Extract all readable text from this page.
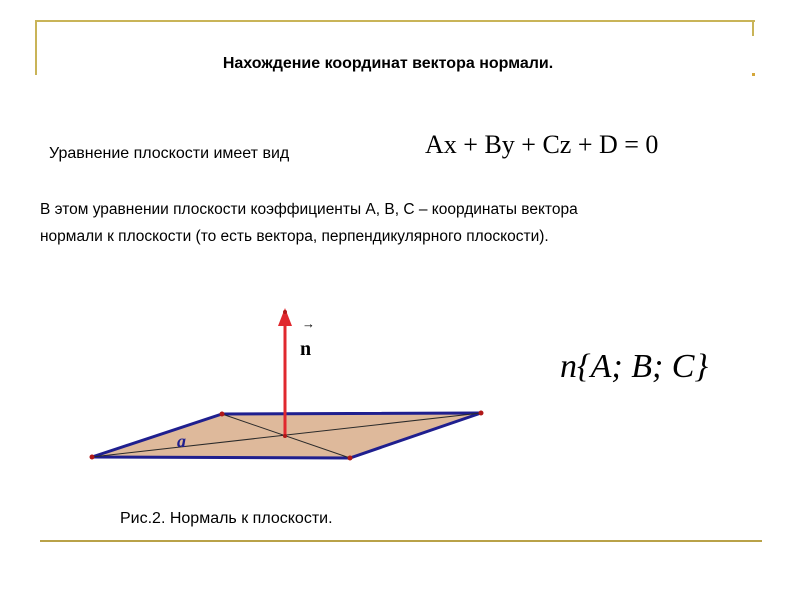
Нахождение координат вектора нормали.
Уравнение плоскости имеет вид	Ax + By + Cz + D = 0
В этом уравнении плоскости коэффициенты А, В, С – координаты вектора
нормали к плоскости (то есть вектора, перпендикулярного плоскости).
a
n
→
n{A; B; C}
Рис.2. Нормаль к плоскости.
